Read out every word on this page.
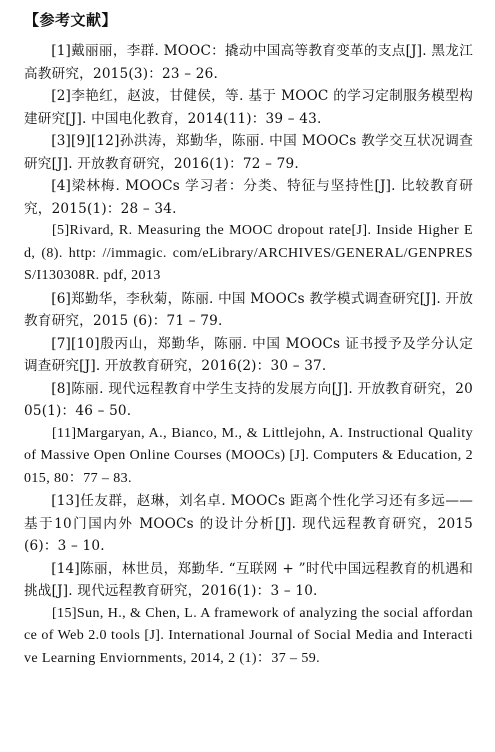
【参考文献】
[1]戴丽丽，李群. MOOC：撬动中国高等教育变革的支点[J]. 黑龙江高教研究，2015(3)：23 – 26.
[2]李艳红，赵波，甘健侯，等. 基于 MOOC 的学习定制服务模型构建研究[J]. 中国电化教育，2014(11)：39 – 43.
[3][9][12]孙洪涛，郑勤华，陈丽. 中国 MOOCs 教学交互状况调查研究[J]. 开放教育研究，2016(1)：72 – 79.
[4]梁林梅. MOOCs 学习者：分类、特征与坚持性[J]. 比较教育研究，2015(1)：28 – 34.
[5]Rivard, R. Measuring the MOOC dropout rate[J]. Inside Higher Ed, (8). http: //immagic. com/eLibrary/ARCHIVES/GENERAL/GENPRESS/I130308R. pdf, 2013
[6]郑勤华，李秋菊，陈丽. 中国 MOOCs 教学模式调查研究[J]. 开放教育研究，2015 (6)：71 – 79.
[7][10]殷丙山，郑勤华，陈丽. 中国 MOOCs 证书授予及学分认定调查研究[J]. 开放教育研究，2016(2)：30 – 37.
[8]陈丽. 现代远程教育中学生支持的发展方向[J]. 开放教育研究，2005(1)：46 – 50.
[11]Margaryan, A., Bianco, M., & Littlejohn, A. Instructional Quality of Massive Open Online Courses (MOOCs) [J]. Computers & Education, 2015, 80：77 – 83.
[13]任友群，赵琳，刘名卓. MOOCs 距离个性化学习还有多远——基于10门国内外 MOOCs 的设计分析[J]. 现代远程教育研究，2015(6)：3 – 10.
[14]陈丽，林世员，郑勤华. “互联网 + ”时代中国远程教育的机遇和挑战[J]. 现代远程教育研究，2016(1)：3 – 10.
[15]Sun, H., & Chen, L. A framework of analyzing the social affordance of Web 2.0 tools [J]. International Journal of Social Media and Interactive Learning Enviornments, 2014, 2 (1)：37 – 59.
